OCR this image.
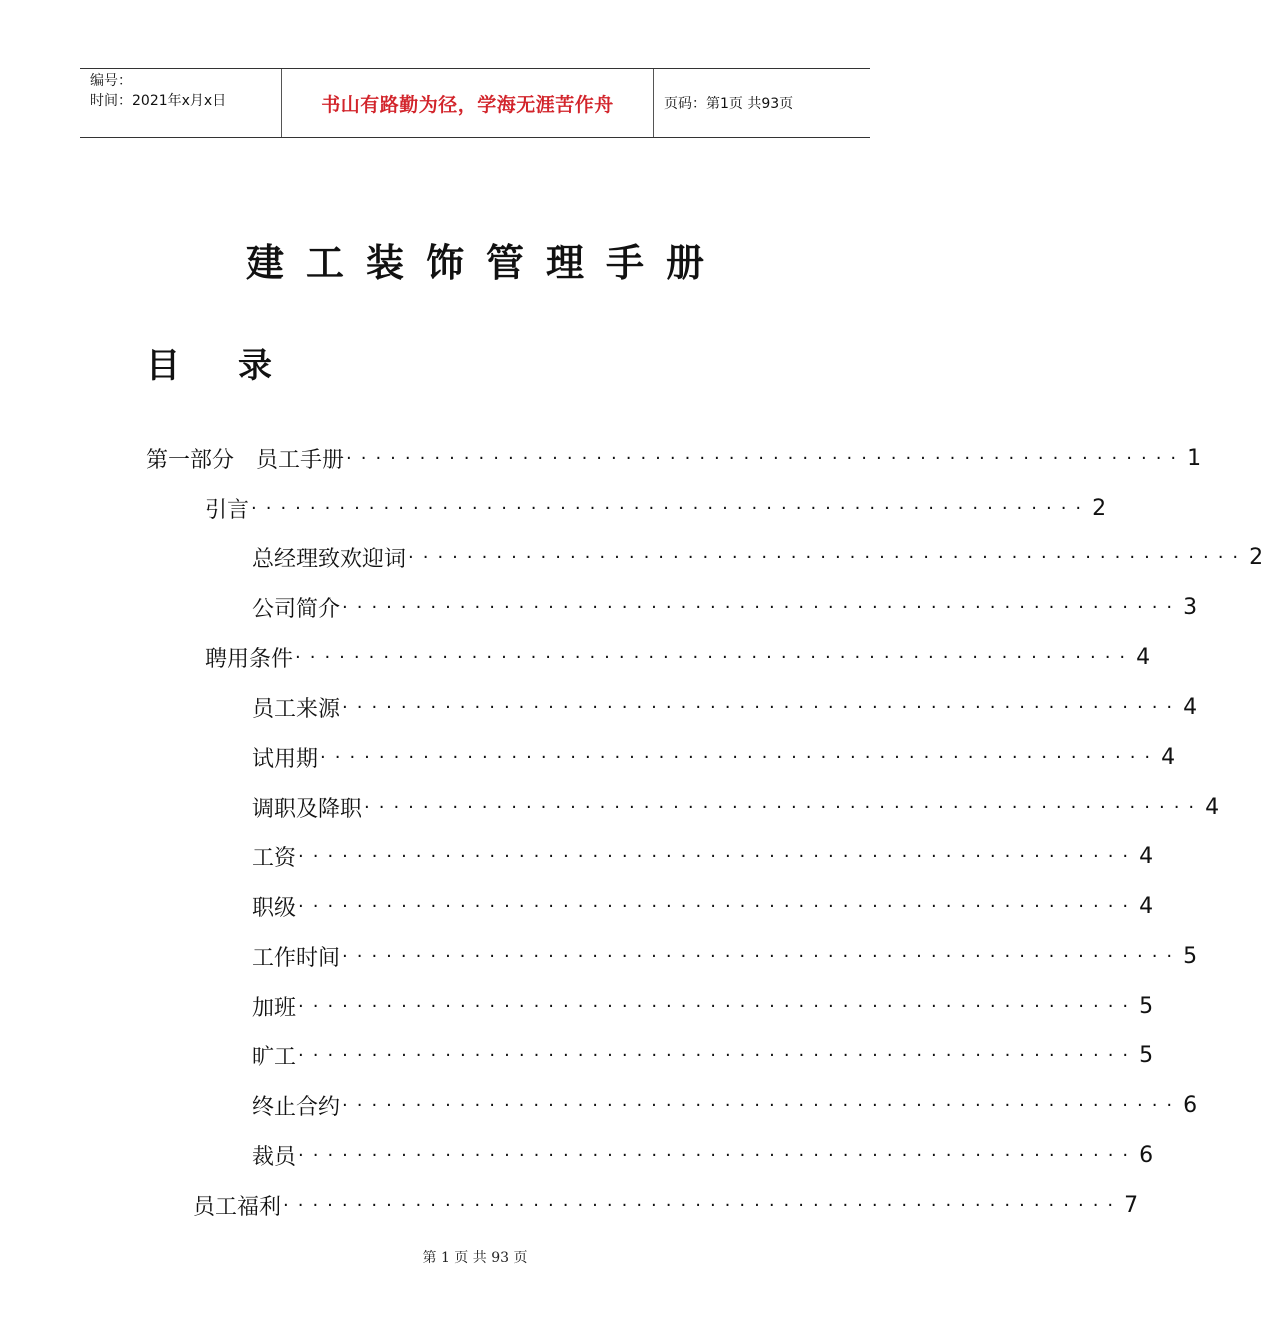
编号：
时间：2021年x月x日	书山有路勤为径，学海无涯苦作舟	页码：第1页 共93页
建工装饰管理手册
目录
第一部分　员工手册 ························································· 1
引言 ························································· 2
总经理致欢迎词 ························································· 2
公司简介 ························································· 3
聘用条件 ························································· 4
员工来源 ························································· 4
试用期 ························································· 4
调职及降职 ························································· 4
工资 ························································· 4
职级 ························································· 4
工作时间 ························································· 5
加班 ························································· 5
旷工 ························································· 5
终止合约 ························································· 6
裁员 ························································· 6
员工福利 ························································· 7
第 1 页 共 93 页
